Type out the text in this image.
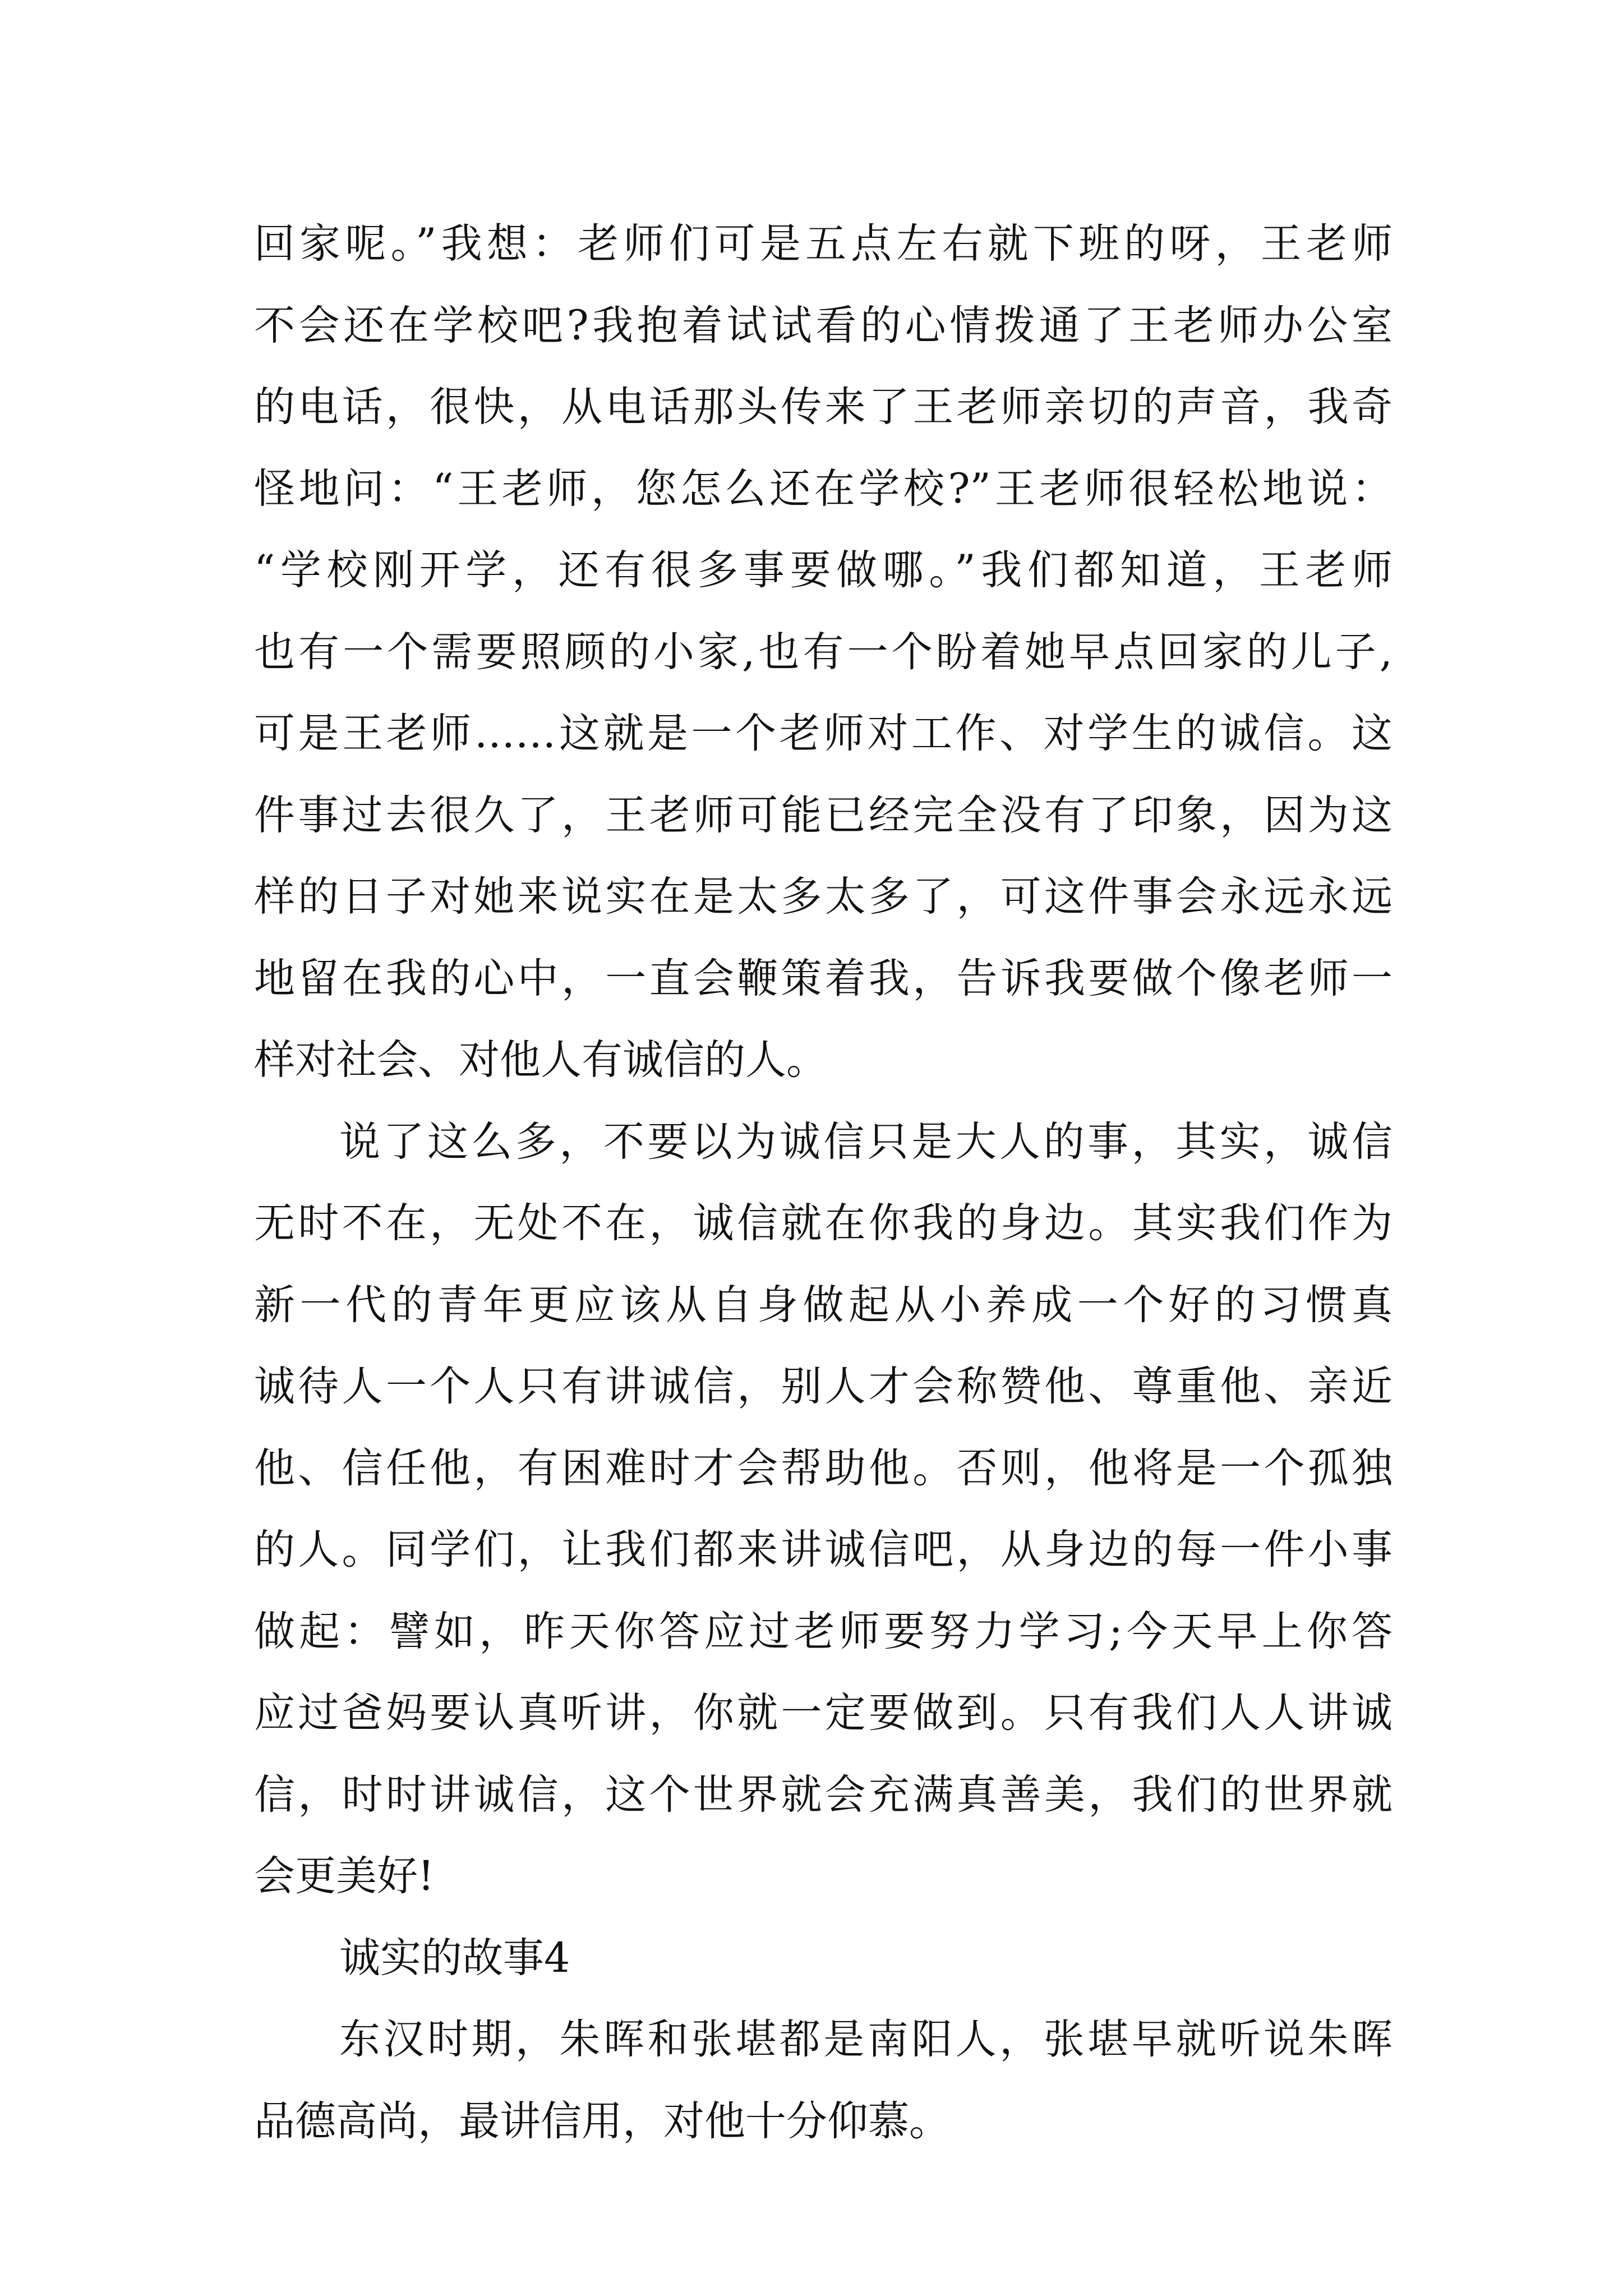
回家呢。”我想：老师们可是五点左右就下班的呀，王老师
不会还在学校吧?我抱着试试看的心情拨通了王老师办公室
的电话，很快，从电话那头传来了王老师亲切的声音，我奇
怪地问：“王老师，您怎么还在学校?”王老师很轻松地说：
“学校刚开学，还有很多事要做哪。”我们都知道，王老师
也有一个需要照顾的小家,也有一个盼着她早点回家的儿子,
可是王老师……这就是一个老师对工作、对学生的诚信。这
件事过去很久了，王老师可能已经完全没有了印象，因为这
样的日子对她来说实在是太多太多了，可这件事会永远永远
地留在我的心中，一直会鞭策着我，告诉我要做个像老师一
样对社会、对他人有诚信的人。
说了这么多，不要以为诚信只是大人的事，其实，诚信
无时不在，无处不在，诚信就在你我的身边。其实我们作为
新一代的青年更应该从自身做起从小养成一个好的习惯真
诚待人一个人只有讲诚信，别人才会称赞他、尊重他、亲近
他、信任他，有困难时才会帮助他。否则，他将是一个孤独
的人。同学们，让我们都来讲诚信吧，从身边的每一件小事
做起：譬如，昨天你答应过老师要努力学习;今天早上你答
应过爸妈要认真听讲，你就一定要做到。只有我们人人讲诚
信，时时讲诚信，这个世界就会充满真善美，我们的世界就
会更美好!
诚实的故事4
东汉时期，朱晖和张堪都是南阳人，张堪早就听说朱晖
品德高尚，最讲信用，对他十分仰慕。
